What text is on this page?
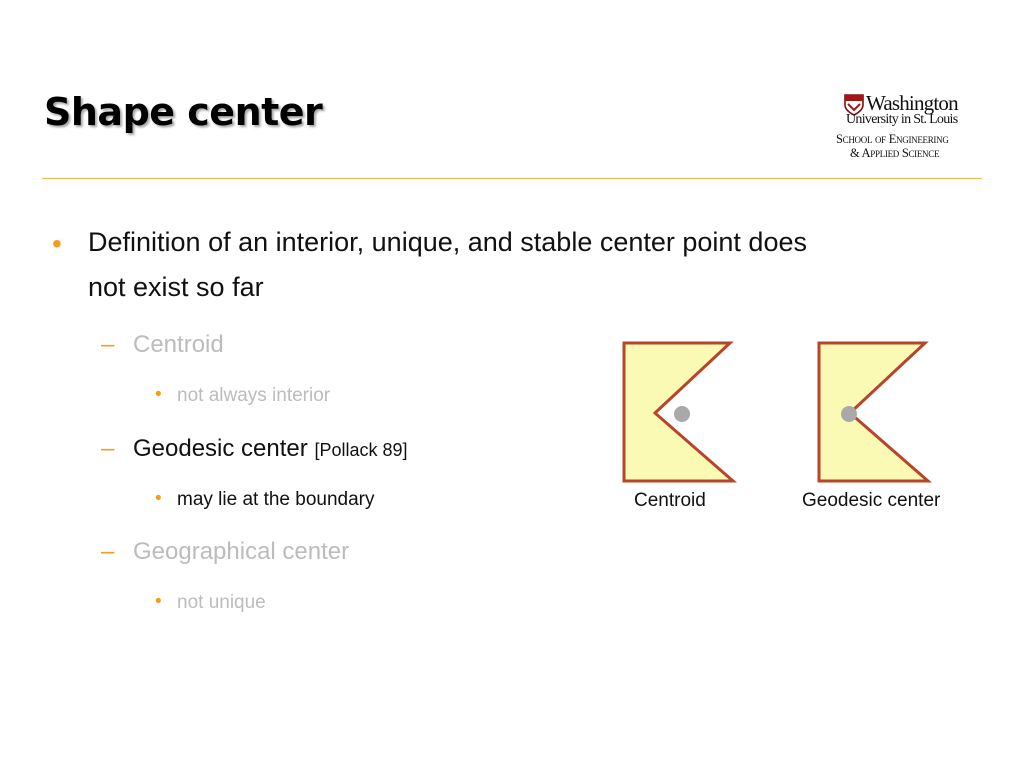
Shape center	Washington
University in St. Louis
School of Engineering
& Applied Science
• Definition of an interior, unique, and stable center point does
not exist so far
– Centroid
• not always interior
– Geodesic center [Pollack 89]
• may lie at the boundary
– Geographical center
• not unique
Centroid	Geodesic center
